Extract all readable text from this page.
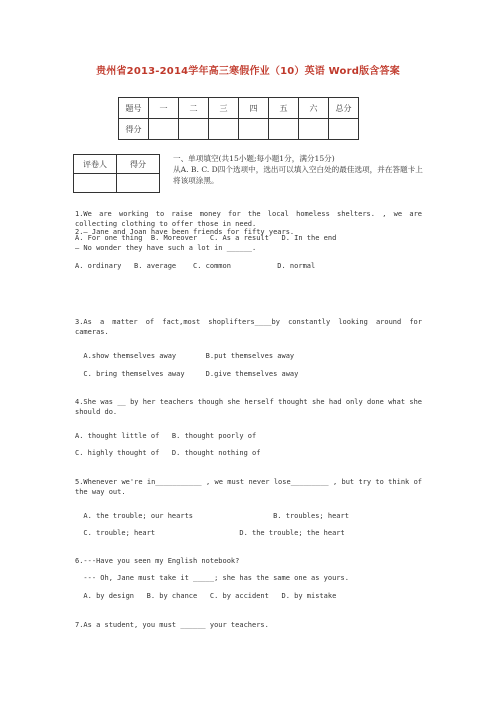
贵州省2013-2014学年高三寒假作业（10）英语 Word版含答案
题号	一	二	三	四	五	六	总分
得分							
评卷人	得分

一、单项填空(共15小题;每小题1分，满分15分)
从A. B. C. D四个选项中，选出可以填入空白处的最佳选项，并在答题卡上将该项涂黑。
1.We are working to raise money for the local homeless shelters. , we are collecting clothing to offer those in need.
A. For one thing  B. Moreover   C. As a result   D. In the end
2.— Jane and Joan have been friends for fifty years.
— No wonder they have such a lot in ______.
A. ordinary   B. average    C. common           D. normal
3.As a matter of fact,most shoplifters____by constantly looking around for cameras.
A.show themselves away       B.put themselves away
C. bring themselves away     D.give themselves away
4.She was __ by her teachers though she herself thought she had only done what she should do.
A. thought little of   B. thought poorly of
C. highly thought of   D. thought nothing of
5.Whenever we're in___________ , we must never lose_________ , but try to think of the way out.
A. the trouble; our hearts                   B. troubles; heart
C. trouble; heart                    D. the trouble; the heart
6.---Have you seen my English notebook?
--- Oh, Jane must take it _____; she has the same one as yours.
A. by design   B. by chance   C. by accident   D. by mistake
7.As a student, you must ______ your teachers.
